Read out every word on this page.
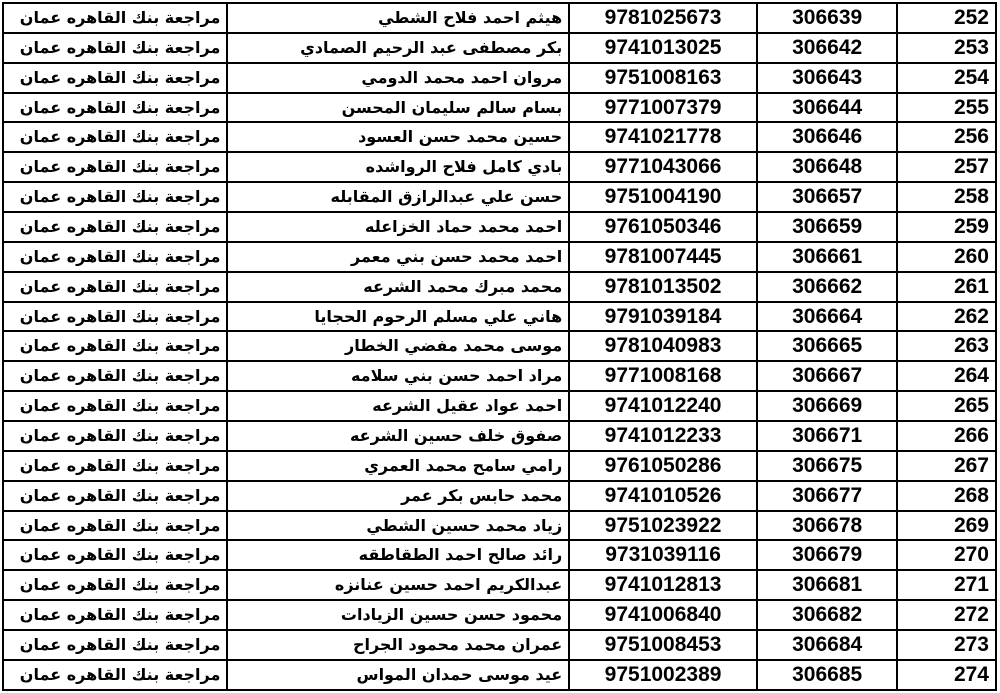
مراجعة بنك القاهره عمان	هيثم احمد فلاح الشطي	9781025673	306639	252
مراجعة بنك القاهره عمان	بكر مصطفى عبد الرحيم الصمادي	9741013025	306642	253
مراجعة بنك القاهره عمان	مروان احمد محمد الدومي	9751008163	306643	254
مراجعة بنك القاهره عمان	بسام سالم سليمان المحسن	9771007379	306644	255
مراجعة بنك القاهره عمان	حسين محمد حسن العسود	9741021778	306646	256
مراجعة بنك القاهره عمان	بادي كامل فلاح الرواشده	9771043066	306648	257
مراجعة بنك القاهره عمان	حسن علي عبدالرازق المقابله	9751004190	306657	258
مراجعة بنك القاهره عمان	احمد محمد حماد الخزاعله	9761050346	306659	259
مراجعة بنك القاهره عمان	احمد محمد حسن بني معمر	9781007445	306661	260
مراجعة بنك القاهره عمان	محمد مبرك محمد الشرعه	9781013502	306662	261
مراجعة بنك القاهره عمان	هاني علي مسلم الرحوم الحجايا	9791039184	306664	262
مراجعة بنك القاهره عمان	موسى محمد مفضي الخطار	9781040983	306665	263
مراجعة بنك القاهره عمان	مراد احمد حسن بني سلامه	9771008168	306667	264
مراجعة بنك القاهره عمان	احمد عواد عقيل الشرعه	9741012240	306669	265
مراجعة بنك القاهره عمان	صفوق خلف حسين الشرعه	9741012233	306671	266
مراجعة بنك القاهره عمان	رامي سامح محمد العمري	9761050286	306675	267
مراجعة بنك القاهره عمان	محمد حابس بكر عمر	9741010526	306677	268
مراجعة بنك القاهره عمان	زياد محمد حسين الشطي	9751023922	306678	269
مراجعة بنك القاهره عمان	رائد صالح احمد الطقاطقه	9731039116	306679	270
مراجعة بنك القاهره عمان	عبدالكريم احمد حسين عنانزه	9741012813	306681	271
مراجعة بنك القاهره عمان	محمود حسن حسين الزيادات	9741006840	306682	272
مراجعة بنك القاهره عمان	عمران محمد محمود الجراح	9751008453	306684	273
مراجعة بنك القاهره عمان	عيد موسى حمدان المواس	9751002389	306685	274
